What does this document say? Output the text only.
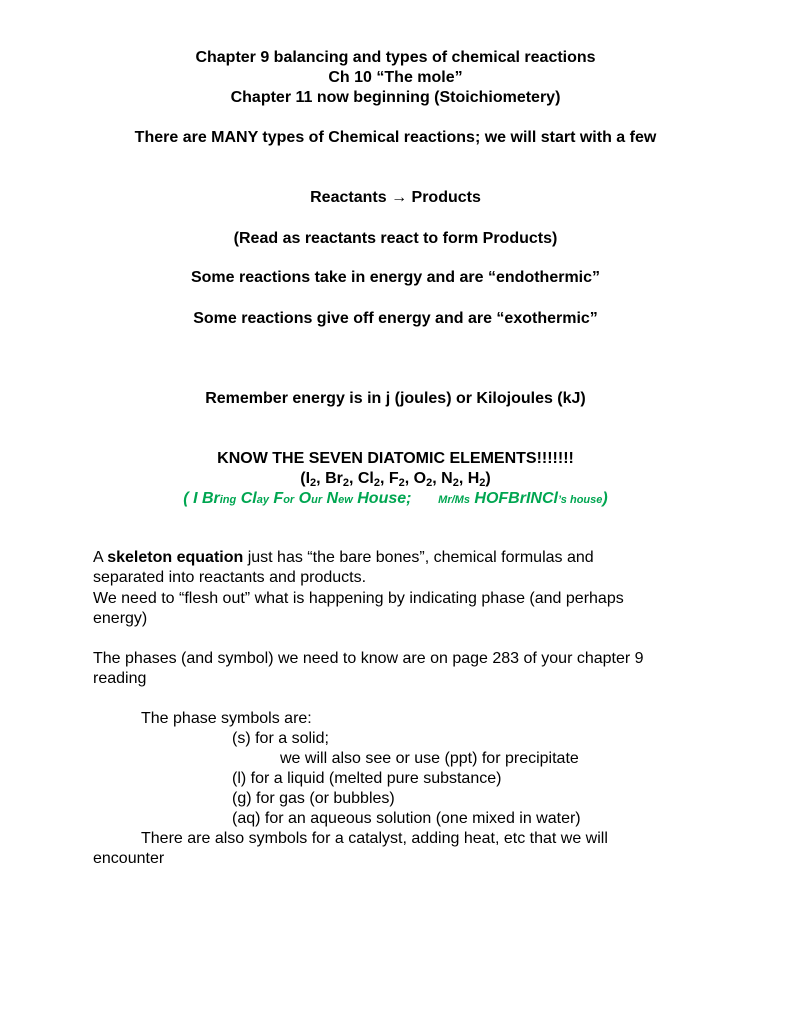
Chapter 9 balancing and types of chemical reactions
Ch 10 “The mole”
Chapter 11 now beginning (Stoichiometery)
There are MANY types of Chemical reactions; we will start with a few
Reactants → Products
(Read as reactants react to form Products)
Some reactions take in energy and are “endothermic”
Some reactions give off energy and are “exothermic”
Remember energy is in j (joules) or Kilojoules (kJ)
KNOW THE SEVEN DIATOMIC ELEMENTS!!!!!!!
($I_2$, $Br_2$, $Cl_2$, $F_2$, $O_2$, $N_2$, $H_2$)
( I Bring Clay For Our New House; Mr/Ms HOFBrINCl’s house)
A skeleton equation just has “the bare bones”, chemical formulas and
separated into reactants and products.
We need to “flesh out” what is happening by indicating phase (and perhaps
energy)
The phases (and symbol) we need to know are on page 283 of your chapter 9
reading
The phase symbols are:
(s) for a solid;
we will also see or use (ppt) for precipitate
(l) for a liquid (melted pure substance)
(g) for gas (or bubbles)
(aq) for an aqueous solution (one mixed in water)
There are also symbols for a catalyst, adding heat, etc that we will
encounter
